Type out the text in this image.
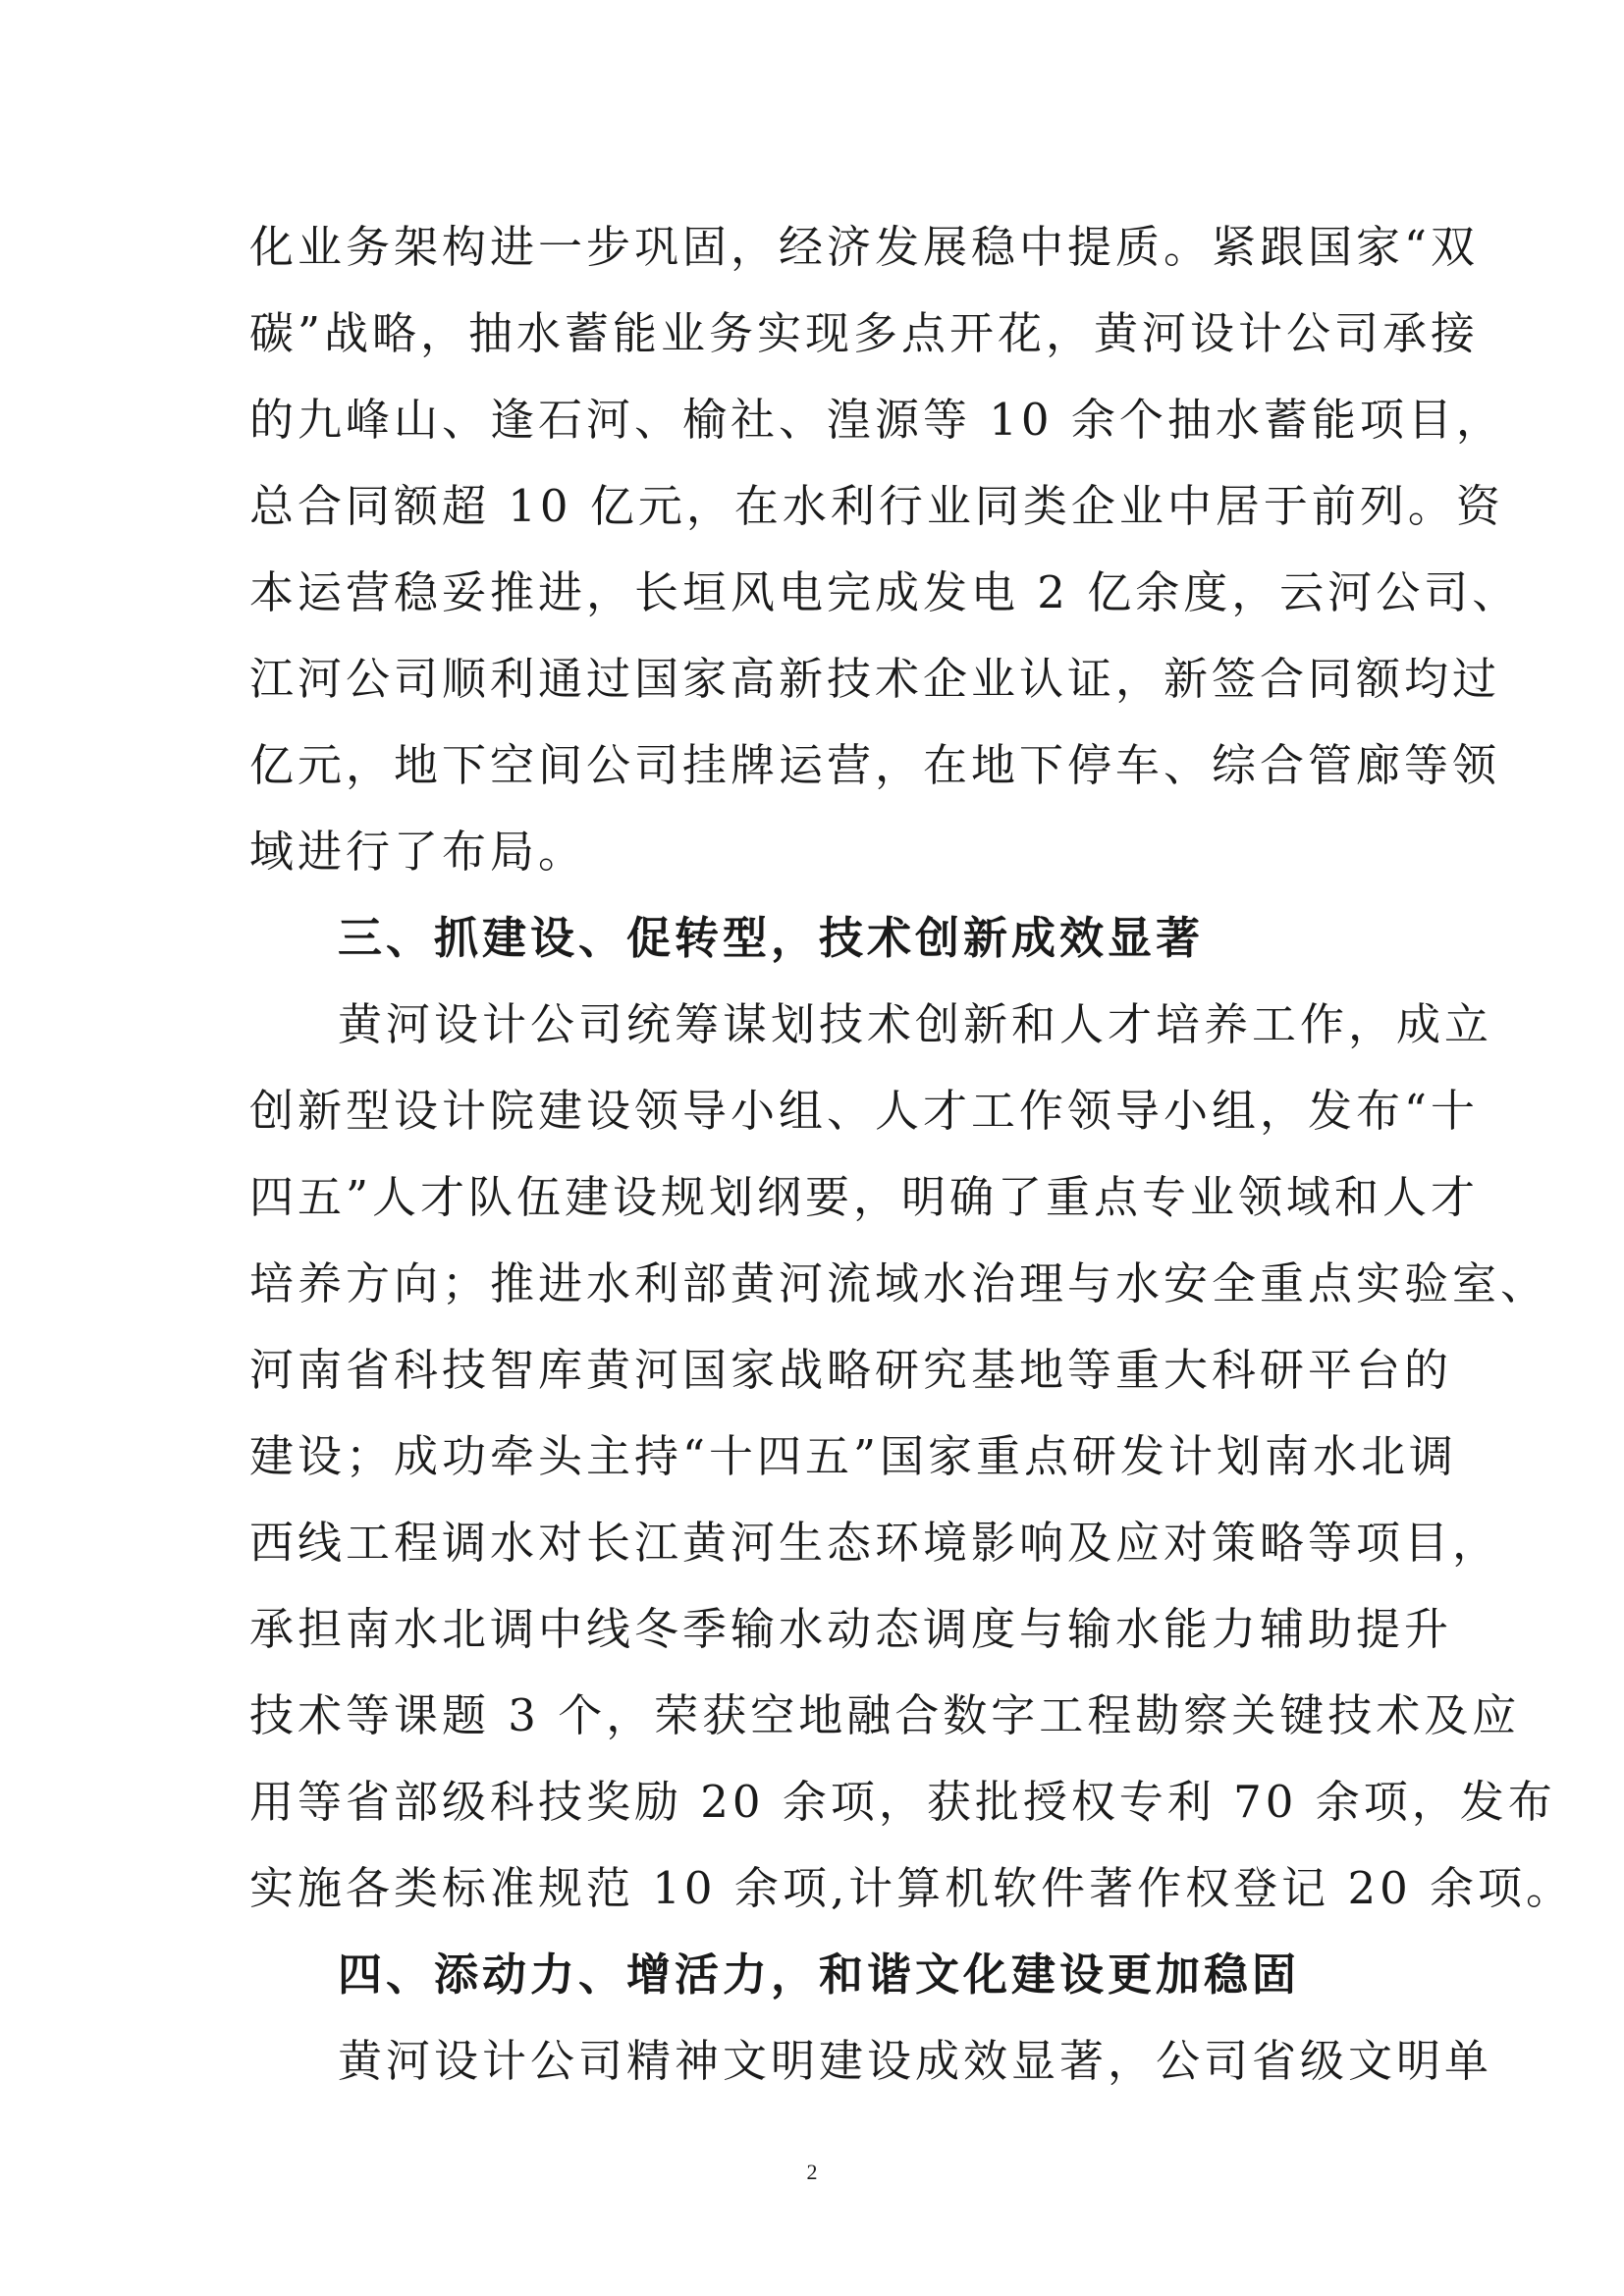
化业务架构进一步巩固，经济发展稳中提质。紧跟国家“双
碳”战略，抽水蓄能业务实现多点开花，黄河设计公司承接
的九峰山、逢石河、榆社、湟源等 10 余个抽水蓄能项目，
总合同额超 10 亿元，在水利行业同类企业中居于前列。资
本运营稳妥推进，长垣风电完成发电 2 亿余度，云河公司、
江河公司顺利通过国家高新技术企业认证，新签合同额均过
亿元，地下空间公司挂牌运营，在地下停车、综合管廊等领
域进行了布局。
三、抓建设、促转型，技术创新成效显著
黄河设计公司统筹谋划技术创新和人才培养工作，成立
创新型设计院建设领导小组、人才工作领导小组，发布“十
四五”人才队伍建设规划纲要，明确了重点专业领域和人才
培养方向；推进水利部黄河流域水治理与水安全重点实验室、
河南省科技智库黄河国家战略研究基地等重大科研平台的
建设；成功牵头主持“十四五”国家重点研发计划南水北调
西线工程调水对长江黄河生态环境影响及应对策略等项目，
承担南水北调中线冬季输水动态调度与输水能力辅助提升
技术等课题 3 个，荣获空地融合数字工程勘察关键技术及应
用等省部级科技奖励 20 余项，获批授权专利 70 余项，发布
实施各类标准规范 10 余项,计算机软件著作权登记 20 余项。
四、添动力、增活力，和谐文化建设更加稳固
黄河设计公司精神文明建设成效显著，公司省级文明单
2
